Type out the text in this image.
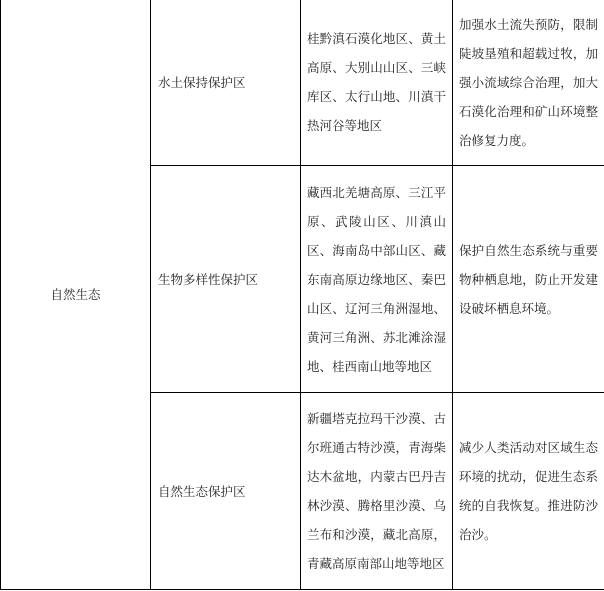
自然生态	水土保持保护区	桂黔滇石漠化地区、黄土高原、大别山山区、三峡库区、太行山地、川滇干热河谷等地区	加强水土流失预防，限制陡坡垦殖和超载过牧，加强小流域综合治理，加大石漠化治理和矿山环境整治修复力度。
	生物多样性保护区	藏西北羌塘高原、三江平原、武陵山区、川滇山区、海南岛中部山区、藏东南高原边缘地区、秦巴山区、辽河三角洲湿地、黄河三角洲、苏北滩涂湿地、桂西南山地等地区	保护自然生态系统与重要物种栖息地，防止开发建设破坏栖息环境。
	自然生态保护区	新疆塔克拉玛干沙漠、古尔班通古特沙漠，青海柴达木盆地，内蒙古巴丹吉林沙漠、腾格里沙漠、乌兰布和沙漠，藏北高原，青藏高原南部山地等地区	减少人类活动对区域生态环境的扰动，促进生态系统的自我恢复。推进防沙治沙。
